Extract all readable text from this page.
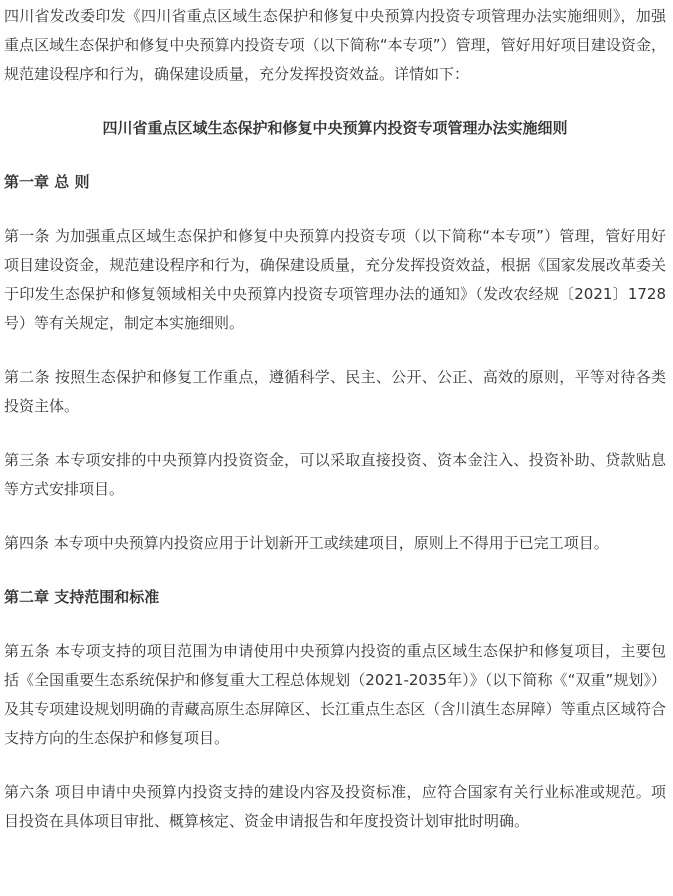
四川省发改委印发《四川省重点区域生态保护和修复中央预算内投资专项管理办法实施细则》，加强重点区域生态保护和修复中央预算内投资专项（以下简称“本专项”）管理，管好用好项目建设资金，规范建设程序和行为，确保建设质量，充分发挥投资效益。详情如下：

四川省重点区域生态保护和修复中央预算内投资专项管理办法实施细则

第一章 总 则

第一条 为加强重点区域生态保护和修复中央预算内投资专项（以下简称“本专项”）管理，管好用好项目建设资金，规范建设程序和行为，确保建设质量，充分发挥投资效益，根据《国家发展改革委关于印发生态保护和修复领域相关中央预算内投资专项管理办法的通知》（发改农经规〔2021〕1728号）等有关规定，制定本实施细则。

第二条 按照生态保护和修复工作重点，遵循科学、民主、公开、公正、高效的原则，平等对待各类投资主体。

第三条 本专项安排的中央预算内投资资金，可以采取直接投资、资本金注入、投资补助、贷款贴息等方式安排项目。

第四条 本专项中央预算内投资应用于计划新开工或续建项目，原则上不得用于已完工项目。

第二章 支持范围和标准

第五条 本专项支持的项目范围为申请使用中央预算内投资的重点区域生态保护和修复项目，主要包括《全国重要生态系统保护和修复重大工程总体规划（2021-2035年）》（以下简称《“双重”规划》）及其专项建设规划明确的青藏高原生态屏障区、长江重点生态区（含川滇生态屏障）等重点区域符合支持方向的生态保护和修复项目。

第六条 项目申请中央预算内投资支持的建设内容及投资标准，应符合国家有关行业标准或规范。项目投资在具体项目审批、概算核定、资金申请报告和年度投资计划审批时明确。
